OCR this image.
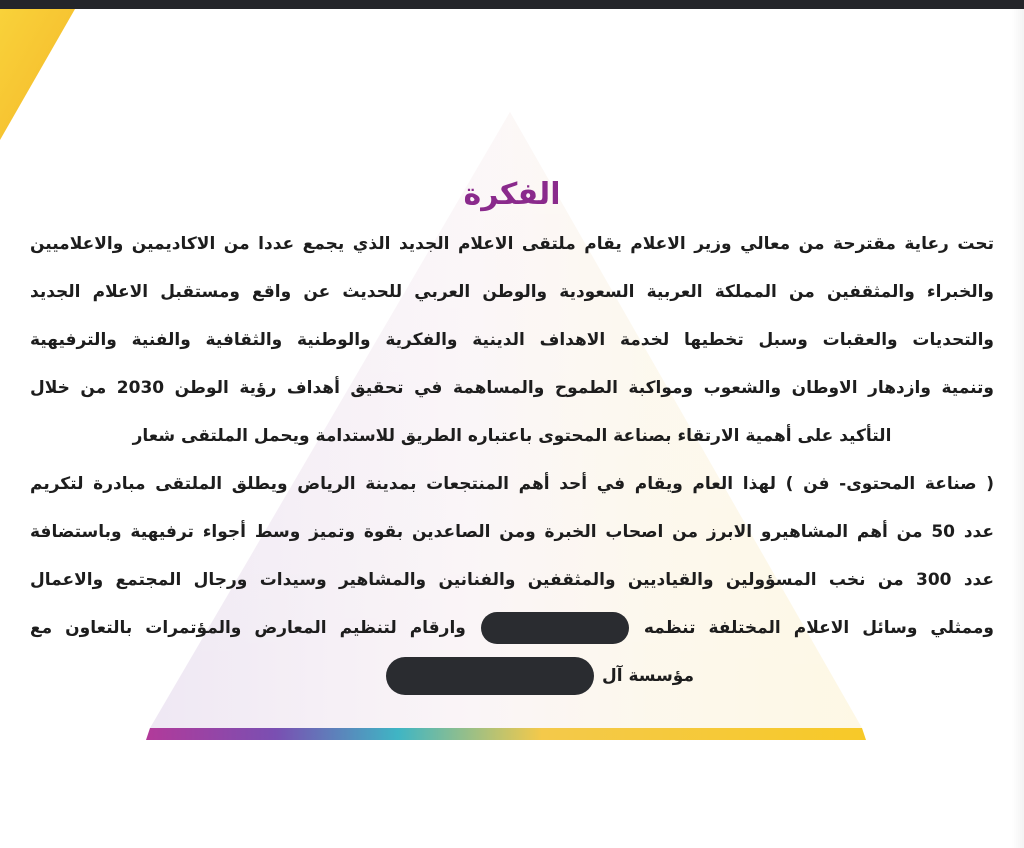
الفكرة
تحت رعاية مقترحة من معالي وزير الاعلام يقام ملتقى الاعلام الجديد الذي يجمع عددا من الاكاديمين والاعلاميين
والخبراء والمثقفين من المملكة العربية السعودية والوطن العربي للحديث عن واقع ومستقبل الاعلام الجديد
والتحديات والعقبات وسبل تخطيها لخدمة الاهداف الدينية والفكرية والوطنية والثقافية والفنية والترفيهية
وتنمية وازدهار الاوطان والشعوب ومواكبة الطموح والمساهمة في تحقيق أهداف رؤية الوطن 2030 من خلال
التأكيد على أهمية الارتقاء بصناعة المحتوى باعتباره الطريق للاستدامة ويحمل الملتقى شعار
( صناعة المحتوى- فن ) لهذا العام ويقام في أحد أهم المنتجعات بمدينة الرياض ويطلق الملتقى مبادرة لتكريم
عدد 50 من أهم المشاهيرو الابرز من اصحاب الخبرة ومن الصاعدين بقوة وتميز وسط أجواء ترفيهية وباستضافة
عدد 300 من نخب المسؤولين والقياديين والمثقفين والفنانين والمشاهير وسيدات ورجال المجتمع والاعمال
وممثلي وسائل الاعلام المختلفة تنظمه  وارقام لتنظيم المعارض والمؤتمرات بالتعاون مع
مؤسسة آل
